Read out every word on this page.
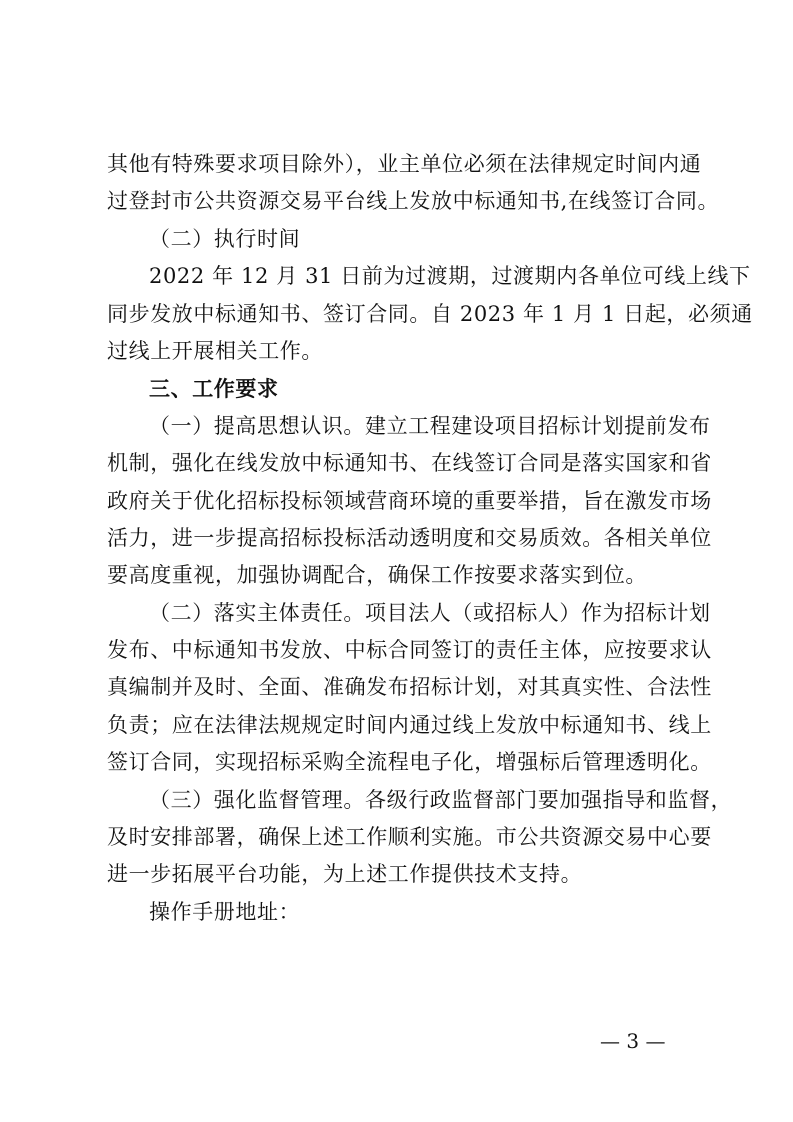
其他有特殊要求项目除外），业主单位必须在法律规定时间内通
过登封市公共资源交易平台线上发放中标通知书,在线签订合同。
（二）执行时间
2022 年 12 月 31 日前为过渡期，过渡期内各单位可线上线下
同步发放中标通知书、签订合同。自 2023 年 1 月 1 日起，必须通
过线上开展相关工作。
三、工作要求
（一）提高思想认识。建立工程建设项目招标计划提前发布
机制，强化在线发放中标通知书、在线签订合同是落实国家和省
政府关于优化招标投标领域营商环境的重要举措，旨在激发市场
活力，进一步提高招标投标活动透明度和交易质效。各相关单位
要高度重视，加强协调配合，确保工作按要求落实到位。
（二）落实主体责任。项目法人（或招标人）作为招标计划
发布、中标通知书发放、中标合同签订的责任主体，应按要求认
真编制并及时、全面、准确发布招标计划，对其真实性、合法性
负责；应在法律法规规定时间内通过线上发放中标通知书、线上
签订合同，实现招标采购全流程电子化，增强标后管理透明化。
（三）强化监督管理。各级行政监督部门要加强指导和监督，
及时安排部署，确保上述工作顺利实施。市公共资源交易中心要
进一步拓展平台功能，为上述工作提供技术支持。
操作手册地址：
— 3 —
